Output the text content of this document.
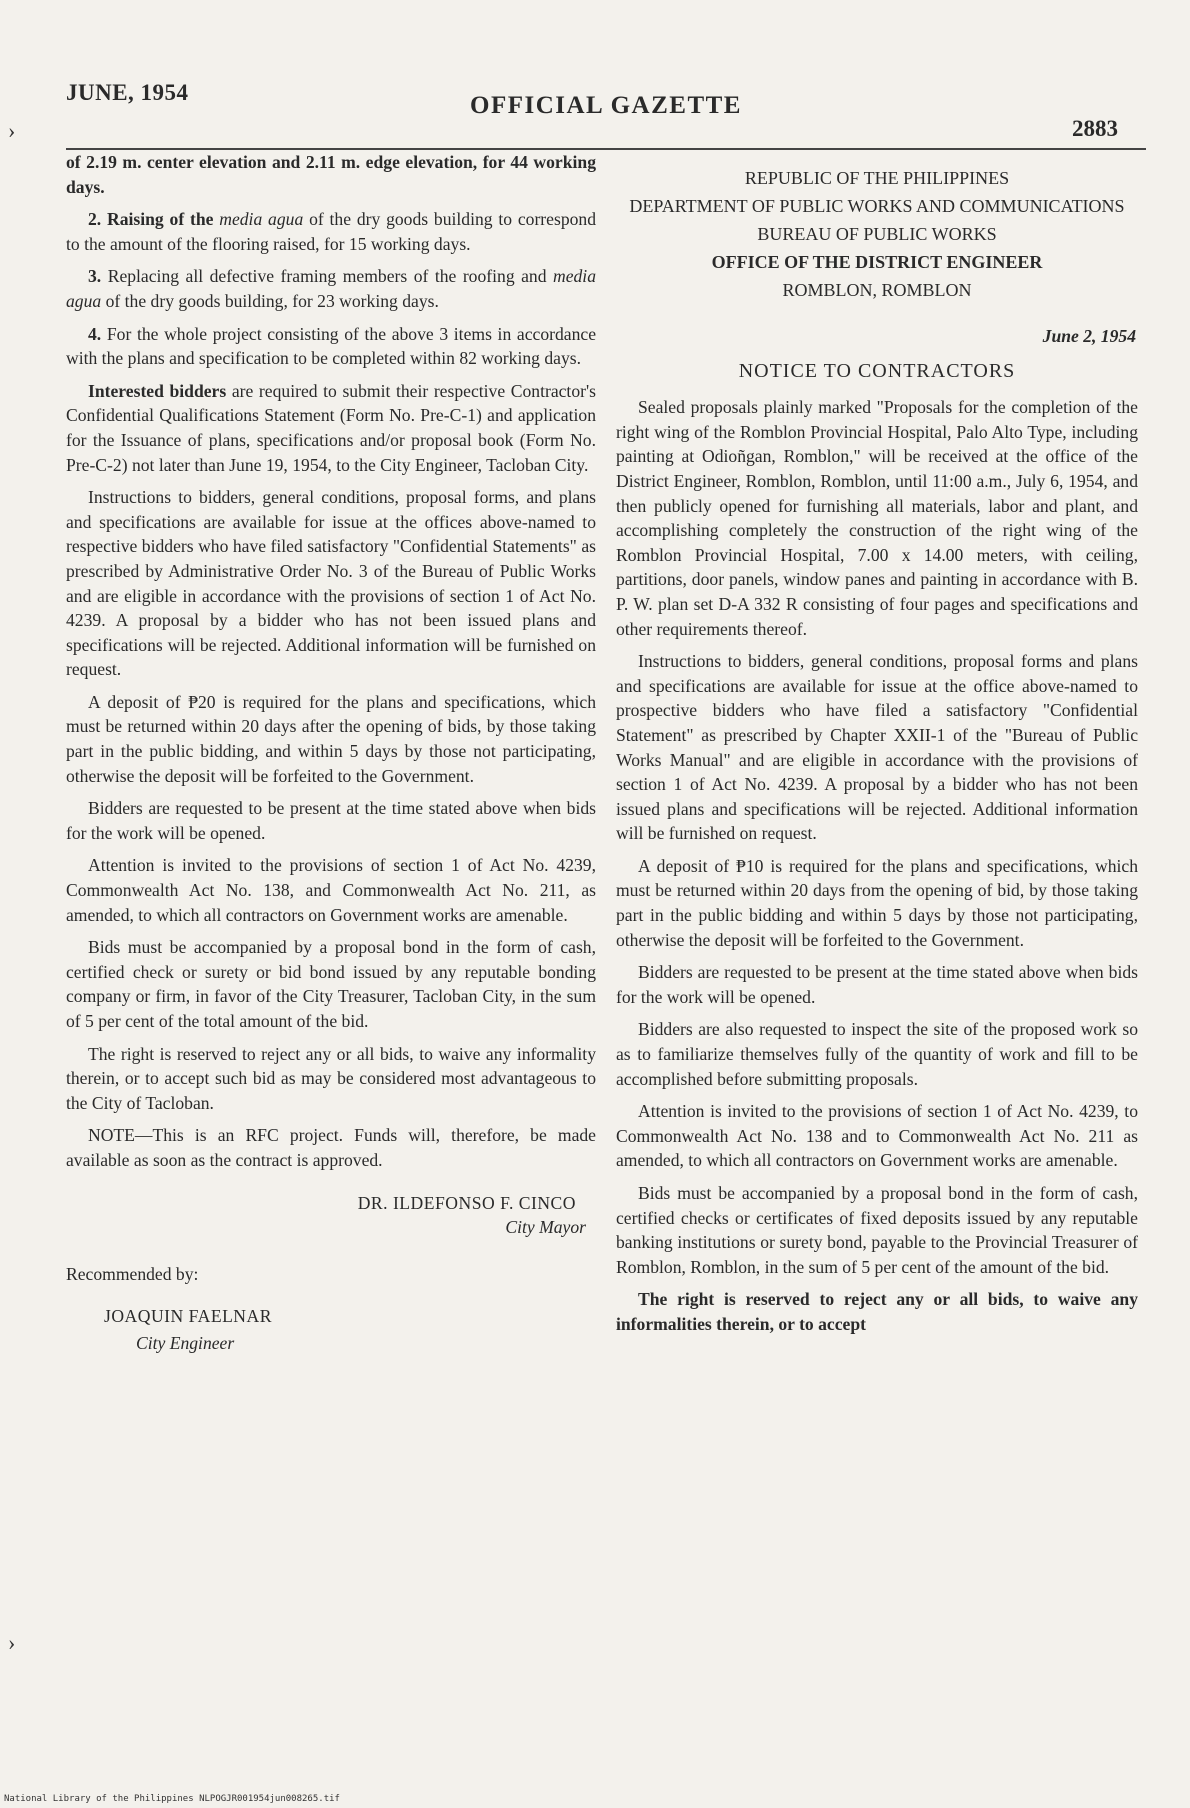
JUNE, 1954	OFFICIAL GAZETTE
2883

of 2.19 m. center elevation and 2.11 m. edge elevation, for 44 working days.

2. Raising of the media agua of the dry goods building to correspond to the amount of the flooring raised, for 15 working days.

3. Replacing all defective framing members of the roofing and media agua of the dry goods building, for 23 working days.

4. For the whole project consisting of the above 3 items in accordance with the plans and specification to be completed within 82 working days.

Interested bidders are required to submit their respective Contractor's Confidential Qualifications Statement (Form No. Pre-C-1) and application for the Issuance of plans, specifications and/or proposal book (Form No. Pre-C-2) not later than June 19, 1954, to the City Engineer, Tacloban City.

Instructions to bidders, general conditions, proposal forms, and plans and specifications are available for issue at the offices above-named to respective bidders who have filed satisfactory "Confidential Statements" as prescribed by Administrative Order No. 3 of the Bureau of Public Works and are eligible in accordance with the provisions of section 1 of Act No. 4239. A proposal by a bidder who has not been issued plans and specifications will be rejected. Additional information will be furnished on request.

A deposit of ₱20 is required for the plans and specifications, which must be returned within 20 days after the opening of bids, by those taking part in the public bidding, and within 5 days by those not participating, otherwise the deposit will be forfeited to the Government.

Bidders are requested to be present at the time stated above when bids for the work will be opened.

Attention is invited to the provisions of section 1 of Act No. 4239, Commonwealth Act No. 138, and Commonwealth Act No. 211, as amended, to which all contractors on Government works are amenable.

Bids must be accompanied by a proposal bond in the form of cash, certified check or surety or bid bond issued by any reputable bonding company or firm, in favor of the City Treasurer, Tacloban City, in the sum of 5 per cent of the total amount of the bid.

The right is reserved to reject any or all bids, to waive any informality therein, or to accept such bid as may be considered most advantageous to the City of Tacloban.

NOTE—This is an RFC project. Funds will, therefore, be made available as soon as the contract is approved.

DR. ILDEFONSO F. CINCO
City Mayor
Recommended by:
JOAQUIN FAELNAR
City Engineer
REPUBLIC OF THE PHILIPPINES
DEPARTMENT OF PUBLIC WORKS AND COMMUNICATIONS
BUREAU OF PUBLIC WORKS
OFFICE OF THE DISTRICT ENGINEER
ROMBLON, ROMBLON
June 2, 1954
NOTICE TO CONTRACTORS

Sealed proposals plainly marked "Proposals for the completion of the right wing of the Romblon Provincial Hospital, Palo Alto Type, including painting at Odioñgan, Romblon," will be received at the office of the District Engineer, Romblon, Romblon, until 11:00 a.m., July 6, 1954, and then publicly opened for furnishing all materials, labor and plant, and accomplishing completely the construction of the right wing of the Romblon Provincial Hospital, 7.00 x 14.00 meters, with ceiling, partitions, door panels, window panes and painting in accordance with B. P. W. plan set D-A 332 R consisting of four pages and specifications and other requirements thereof.

Instructions to bidders, general conditions, proposal forms and plans and specifications are available for issue at the office above-named to prospective bidders who have filed a satisfactory "Confidential Statement" as prescribed by Chapter XXII-1 of the "Bureau of Public Works Manual" and are eligible in accordance with the provisions of section 1 of Act No. 4239. A proposal by a bidder who has not been issued plans and specifications will be rejected. Additional information will be furnished on request.

A deposit of ₱10 is required for the plans and specifications, which must be returned within 20 days from the opening of bid, by those taking part in the public bidding and within 5 days by those not participating, otherwise the deposit will be forfeited to the Government.

Bidders are requested to be present at the time stated above when bids for the work will be opened.

Bidders are also requested to inspect the site of the proposed work so as to familiarize themselves fully of the quantity of work and fill to be accomplished before submitting proposals.

Attention is invited to the provisions of section 1 of Act No. 4239, to Commonwealth Act No. 138 and to Commonwealth Act No. 211 as amended, to which all contractors on Government works are amenable.

Bids must be accompanied by a proposal bond in the form of cash, certified checks or certificates of fixed deposits issued by any reputable banking institutions or surety bond, payable to the Provincial Treasurer of Romblon, Romblon, in the sum of 5 per cent of the amount of the bid.

The right is reserved to reject any or all bids, to waive any informalities therein, or to accept

›
›
National Library of the Philippines NLPOGJR001954jun008265.tif
